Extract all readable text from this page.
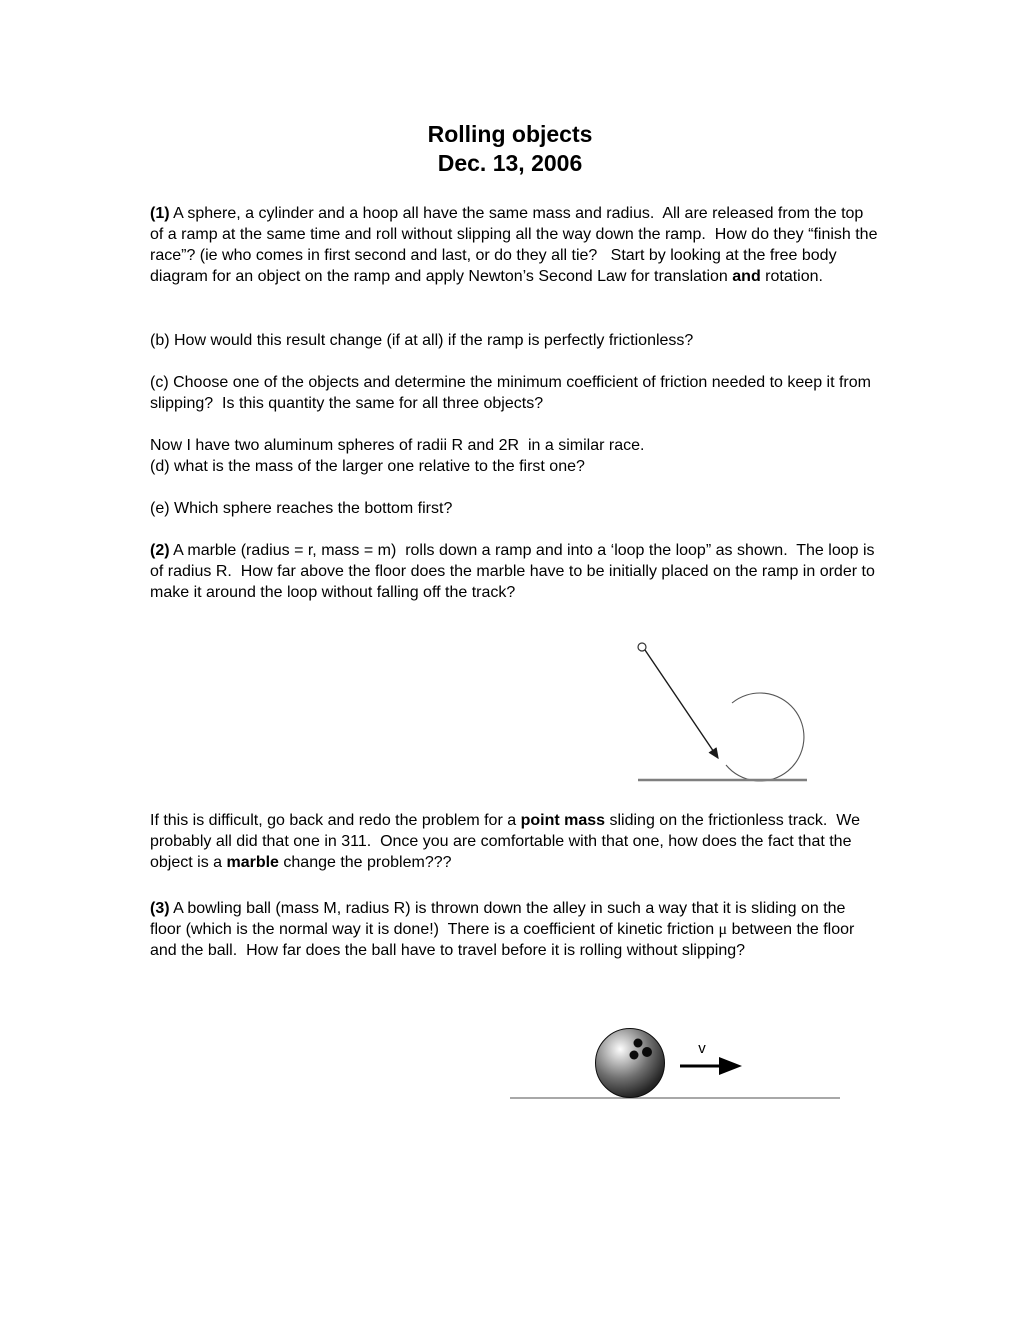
Rolling objects
Dec. 13, 2006
(1) A sphere, a cylinder and a hoop all have the same mass and radius.  All are released from the top of a ramp at the same time and roll without slipping all the way down the ramp.  How do they “finish the race”? (ie who comes in first second and last, or do they all tie?   Start by looking at the free body diagram for an object on the ramp and apply Newton’s Second Law for translation and rotation.
(b) How would this result change (if at all) if the ramp is perfectly frictionless?
(c) Choose one of the objects and determine the minimum coefficient of friction needed to keep it from slipping?  Is this quantity the same for all three objects?
Now I have two aluminum spheres of radii R and 2R  in a similar race.
(d) what is the mass of the larger one relative to the first one?
(e) Which sphere reaches the bottom first?
(2) A marble (radius = r, mass = m)  rolls down a ramp and into a ‘loop the loop” as shown.  The loop is of radius R.  How far above the floor does the marble have to be initially placed on the ramp in order to make it around the loop without falling off the track?
If this is difficult, go back and redo the problem for a point mass sliding on the frictionless track.  We probably all did that one in 311.  Once you are comfortable with that one, how does the fact that the object is a marble change the problem???
(3) A bowling ball (mass M, radius R) is thrown down the alley in such a way that it is sliding on the floor (which is the normal way it is done!)  There is a coefficient of kinetic friction μ between the floor and the ball.  How far does the ball have to travel before it is rolling without slipping?
v
